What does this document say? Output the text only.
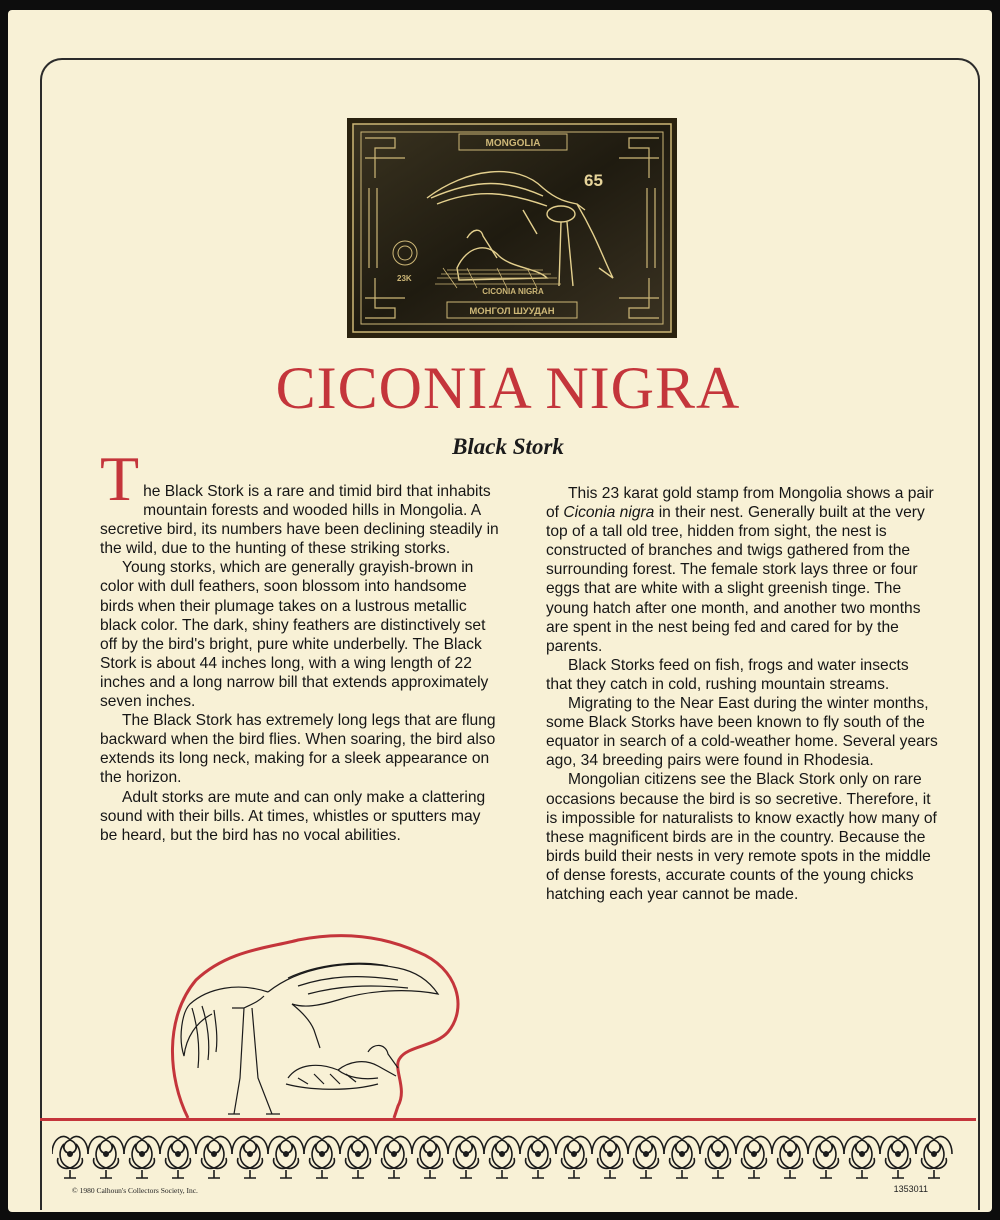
MONGOLIA
65
CICONIA NIGRA
МОНГОЛ ШУУДАН
23K
CICONIA NIGRA
Black Stork

The Black Stork is a rare and timid bird that inhabits mountain forests and wooded hills in Mongolia. A secretive bird, its numbers have been declining steadily in the wild, due to the hunting of these striking storks.

Young storks, which are generally grayish-brown in color with dull feathers, soon blossom into handsome birds when their plumage takes on a lustrous metallic black color. The dark, shiny feathers are distinctively set off by the bird's bright, pure white underbelly. The Black Stork is about 44 inches long, with a wing length of 22 inches and a long narrow bill that extends approximately seven inches.

The Black Stork has extremely long legs that are flung backward when the bird flies. When soaring, the bird also extends its long neck, making for a sleek appearance on the horizon.

Adult storks are mute and can only make a clattering sound with their bills. At times, whistles or sputters may be heard, but the bird has no vocal abilities.

This 23 karat gold stamp from Mongolia shows a pair of Ciconia nigra in their nest. Generally built at the very top of a tall old tree, hidden from sight, the nest is constructed of branches and twigs gathered from the surrounding forest. The female stork lays three or four eggs that are white with a slight greenish tinge. The young hatch after one month, and another two months are spent in the nest being fed and cared for by the parents.

Black Storks feed on fish, frogs and water insects that they catch in cold, rushing mountain streams.

Migrating to the Near East during the winter months, some Black Storks have been known to fly south of the equator in search of a cold-weather home. Several years ago, 34 breeding pairs were found in Rhodesia.

Mongolian citizens see the Black Stork only on rare occasions because the bird is so secretive. Therefore, it is impossible for naturalists to know exactly how many of these magnificent birds are in the country. Because the birds build their nests in very remote spots in the middle of dense forests, accurate counts of the young chicks hatching each year cannot be made.

© 1980 Calhoun's Collectors Society, Inc.	1353011
